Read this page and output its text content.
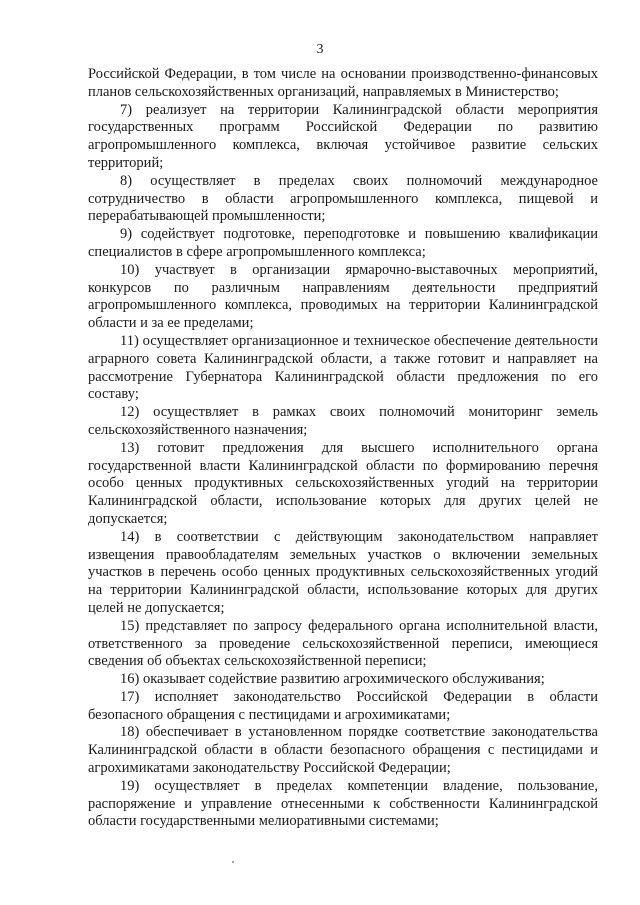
3

Российской Федерации, в том числе на основании производственно-финансовых планов сельскохозяйственных организаций, направляемых в Министерство;

7) реализует на территории Калининградской области мероприятия государственных программ Российской Федерации по развитию агропромышленного комплекса, включая устойчивое развитие сельских территорий;

8) осуществляет в пределах своих полномочий международное сотрудничество в области агропромышленного комплекса, пищевой и перерабатывающей промышленности;

9) содействует подготовке, переподготовке и повышению квалификации специалистов в сфере агропромышленного комплекса;

10) участвует в организации ярмарочно-выставочных мероприятий, конкурсов по различным направлениям деятельности предприятий агропромышленного комплекса, проводимых на территории Калининградской области и за ее пределами;

11) осуществляет организационное и техническое обеспечение деятельности аграрного совета Калининградской области, а также готовит и направляет на рассмотрение Губернатора Калининградской области предложения по его составу;

12) осуществляет в рамках своих полномочий мониторинг земель сельскохозяйственного назначения;

13) готовит предложения для высшего исполнительного органа государственной власти Калининградской области по формированию перечня особо ценных продуктивных сельскохозяйственных угодий на территории Калининградской области, использование которых для других целей не допускается;

14) в соответствии с действующим законодательством направляет извещения правообладателям земельных участков о включении земельных участков в перечень особо ценных продуктивных сельскохозяйственных угодий на территории Калининградской области, использование которых для других целей не допускается;

15) представляет по запросу федерального органа исполнительной власти, ответственного за проведение сельскохозяйственной переписи, имеющиеся сведения об объектах сельскохозяйственной переписи;

16) оказывает содействие развитию агрохимического обслуживания;

17) исполняет законодательство Российской Федерации в области безопасного обращения с пестицидами и агрохимикатами;

18) обеспечивает в установленном порядке соответствие законодательства Калининградской области в области безопасного обращения с пестицидами и агрохимикатами законодательству Российской Федерации;

19) осуществляет в пределах компетенции владение, пользование, распоряжение и управление отнесенными к собственности Калининградской области государственными мелиоративными системами;
